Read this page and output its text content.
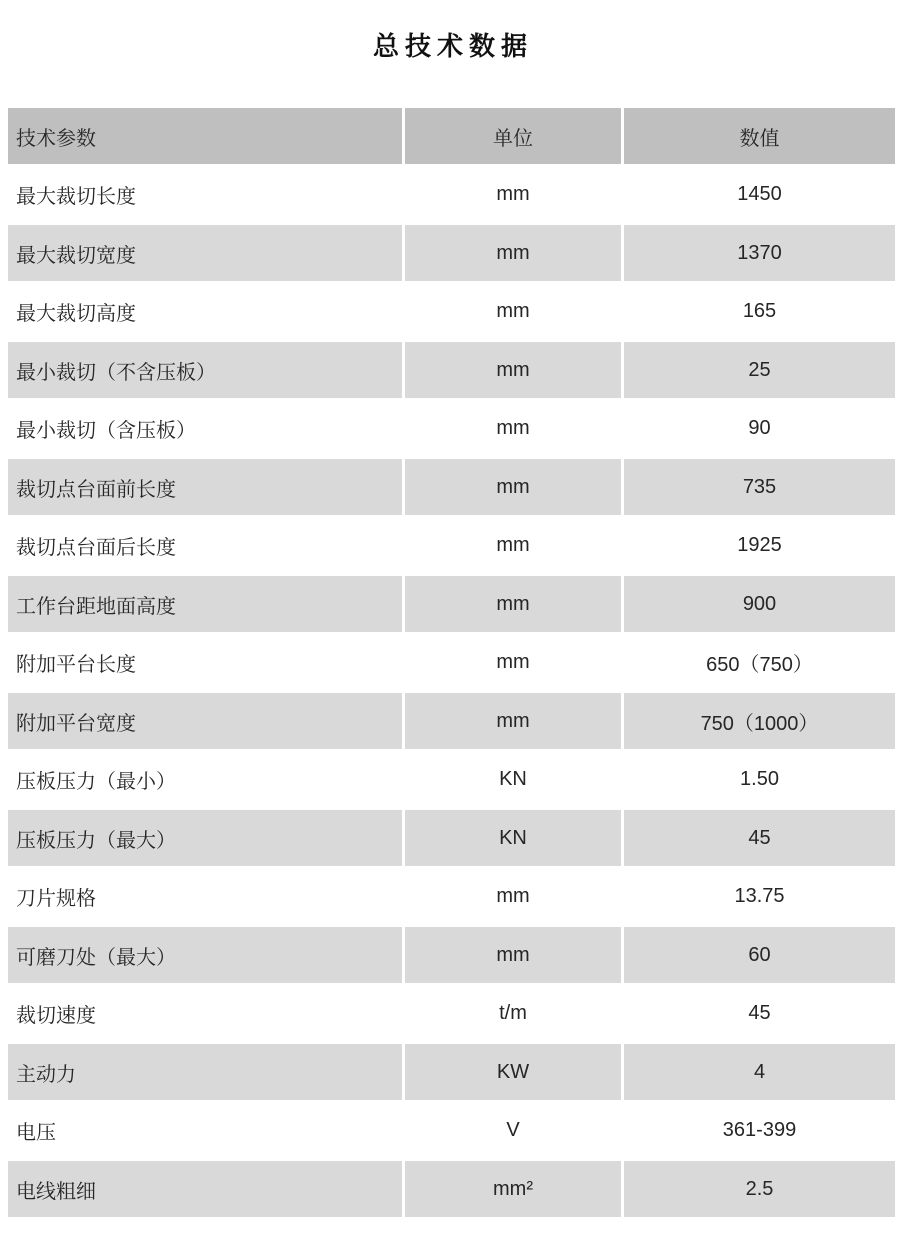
总技术数据
技术参数	单位	数值
最大裁切长度	mm	1450
最大裁切宽度	mm	1370
最大裁切高度	mm	165
最小裁切（不含压板）	mm	25
最小裁切（含压板）	mm	90
裁切点台面前长度	mm	735
裁切点台面后长度	mm	1925
工作台距地面高度	mm	900
附加平台长度	mm	650（750）
附加平台宽度	mm	750（1000）
压板压力（最小）	KN	1.50
压板压力（最大）	KN	45
刀片规格	mm	13.75
可磨刀处（最大）	mm	60
裁切速度	t/m	45
主动力	KW	4
电压	V	361-399
电线粗细	mm²	2.5
